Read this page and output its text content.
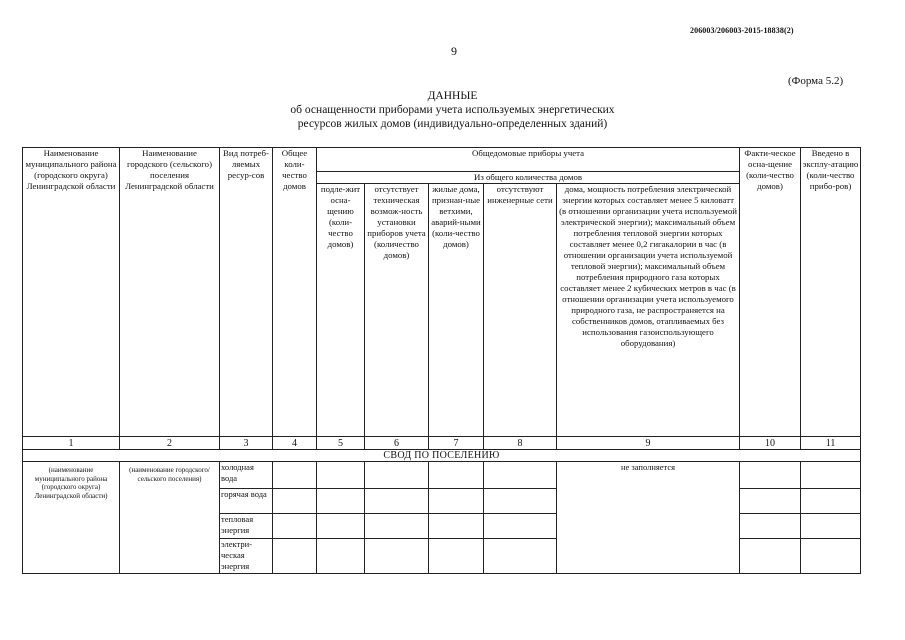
206003/206003-2015-18838(2)
9
(Форма 5.2)
ДАННЫЕ
об оснащенности приборами учета используемых энергетических
ресурсов жилых домов (индивидуально-определенных зданий)
Наименование муниципального района (городского округа) Ленинградской области	Наименование городского (сельского) поселения Ленинградской области	Вид потреб-ляемых ресур-сов	Общее коли-чество домов	Общедомовые приборы учета					Факти-ческое осна-щение (коли-чество домов)	Введено в эксплу-атацию (коли-чество прибо-ров)
				Из общего количества домов						
				подле-жит осна-щению (коли-чество домов)	отсутствует техническая возмож-ность установки приборов учета (количество домов)	жилые дома, признан-ные ветхими, аварий-ными (коли-чество домов)	отсутствуют инженерные сети	дома, мощность потребления электрической энергии которых составляет менее 5 киловатт (в отношении организации учета используемой электрической энергии); максимальный объем потребления тепловой энергии которых составляет менее 0,2 гигакалории в час (в отношении организации учета используемой тепловой энергии); максимальный объем потребления природного газа которых составляет менее 2 кубических метров в час (в отношении организации учета используемого природного газа, не распространяется на собственников домов, отапливаемых без использования газоиспользующего оборудования)		
1	2	3	4	5	6	7	8	9	10	11
СВОД ПО ПОСЕЛЕНИЮ										
(наименование муниципального района (городского округа) Ленинградской области)	(наименование городского/сельского поселения)	холодная вода						не заполняется		
		горячая вода								
		тепловая энергия								
		электри-ческая энергия								
